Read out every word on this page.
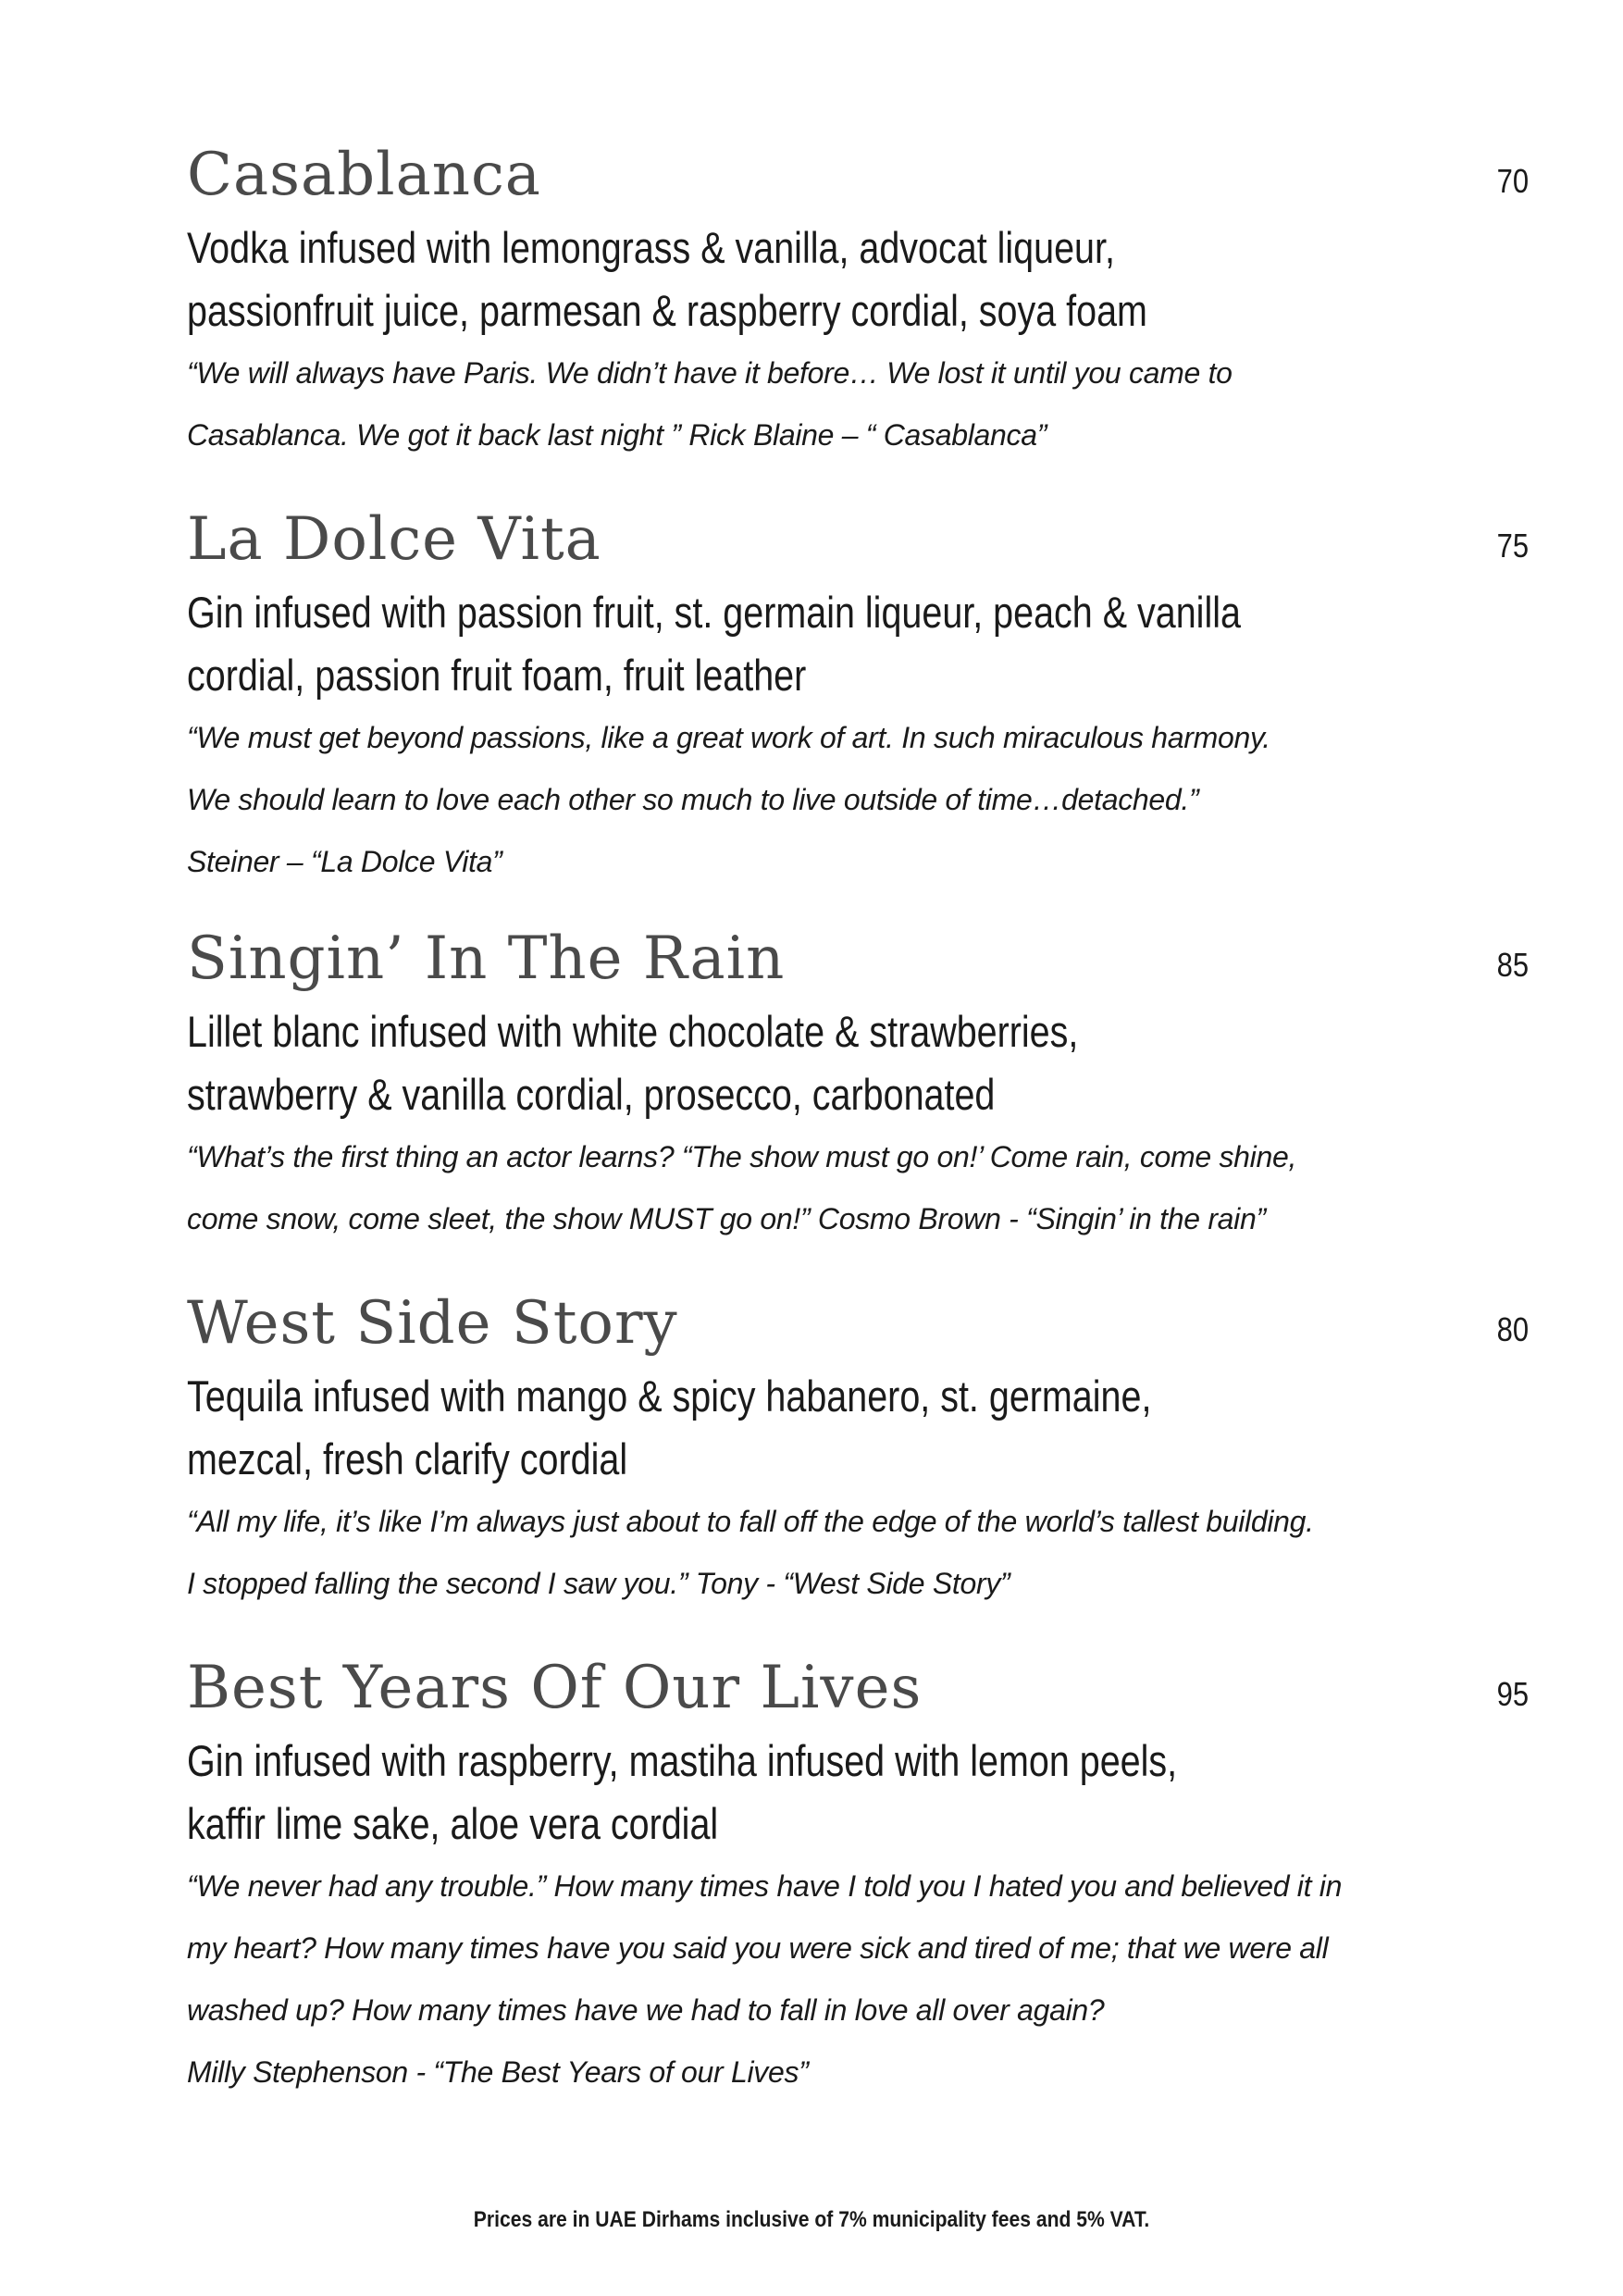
Casablanca	70
Vodka infused with lemongrass & vanilla, advocat liqueur,
passionfruit juice, parmesan & raspberry cordial, soya foam
“We will always have Paris. We didn’t have it before… We lost it until you came to
Casablanca. We got it back last night ” Rick Blaine – “ Casablanca”
La Dolce Vita	75
Gin infused with passion fruit, st. germain liqueur, peach & vanilla
cordial, passion fruit foam, fruit leather
“We must get beyond passions, like a great work of art. In such miraculous harmony.
We should learn to love each other so much to live outside of time…detached.”
Steiner – “La Dolce Vita”
Singin’ In The Rain	85
Lillet blanc infused with white chocolate & strawberries,
strawberry & vanilla cordial, prosecco, carbonated
“What’s the first thing an actor learns? “The show must go on!’ Come rain, come shine,
come snow, come sleet, the show MUST go on!” Cosmo Brown - “Singin’ in the rain”
West Side Story	80
Tequila infused with mango & spicy habanero, st. germaine,
mezcal, fresh clarify cordial
“All my life, it’s like I’m always just about to fall off the edge of the world’s tallest building.
I stopped falling the second I saw you.” Tony - “West Side Story”
Best Years Of Our Lives	95
Gin infused with raspberry, mastiha infused with lemon peels,
kaffir lime sake, aloe vera cordial
“We never had any trouble.” How many times have I told you I hated you and believed it in
my heart? How many times have you said you were sick and tired of me; that we were all
washed up? How many times have we had to fall in love all over again?
Milly Stephenson - “The Best Years of our Lives”
Prices are in UAE Dirhams inclusive of 7% municipality fees and 5% VAT.
